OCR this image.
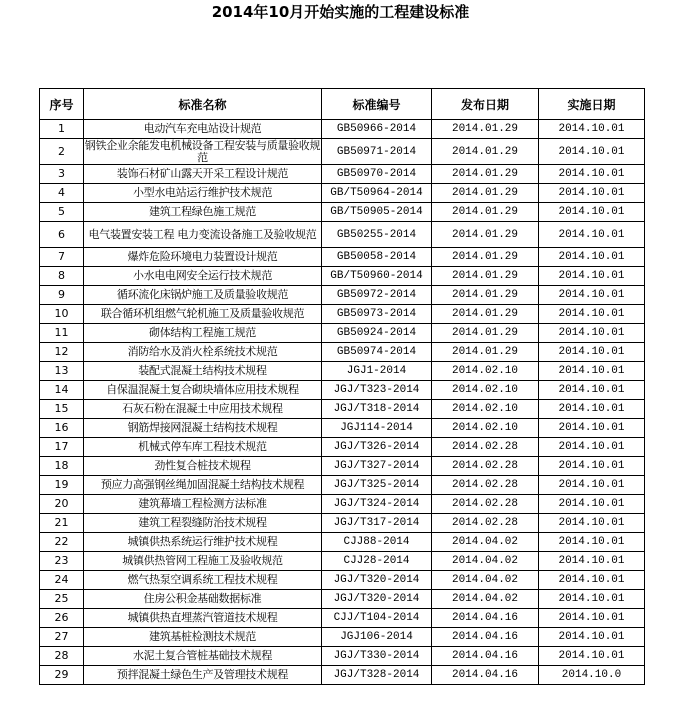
2014年10月开始实施的工程建设标准
序号	标准名称	标准编号	发布日期	实施日期
1	电动汽车充电站设计规范	GB50966-2014	2014.01.29	2014.10.01
2	钢铁企业余能发电机械设备工程安装与质量验收规范	GB50971-2014	2014.01.29	2014.10.01
3	装饰石材矿山露天开采工程设计规范	GB50970-2014	2014.01.29	2014.10.01
4	小型水电站运行维护技术规范	GB/T50964-2014	2014.01.29	2014.10.01
5	建筑工程绿色施工规范	GB/T50905-2014	2014.01.29	2014.10.01
6	电气装置安装工程 电力变流设备施工及验收规范	GB50255-2014	2014.01.29	2014.10.01
7	爆炸危险环境电力装置设计规范	GB50058-2014	2014.01.29	2014.10.01
8	小水电电网安全运行技术规范	GB/T50960-2014	2014.01.29	2014.10.01
9	循环流化床锅炉施工及质量验收规范	GB50972-2014	2014.01.29	2014.10.01
10	联合循环机组燃气轮机施工及质量验收规范	GB50973-2014	2014.01.29	2014.10.01
11	砌体结构工程施工规范	GB50924-2014	2014.01.29	2014.10.01
12	消防给水及消火栓系统技术规范	GB50974-2014	2014.01.29	2014.10.01
13	装配式混凝土结构技术规程	JGJ1-2014	2014.02.10	2014.10.01
14	自保温混凝土复合砌块墙体应用技术规程	JGJ/T323-2014	2014.02.10	2014.10.01
15	石灰石粉在混凝土中应用技术规程	JGJ/T318-2014	2014.02.10	2014.10.01
16	钢筋焊接网混凝土结构技术规程	JGJ114-2014	2014.02.10	2014.10.01
17	机械式停车库工程技术规范	JGJ/T326-2014	2014.02.28	2014.10.01
18	劲性复合桩技术规程	JGJ/T327-2014	2014.02.28	2014.10.01
19	预应力高强钢丝绳加固混凝土结构技术规程	JGJ/T325-2014	2014.02.28	2014.10.01
20	建筑幕墙工程检测方法标准	JGJ/T324-2014	2014.02.28	2014.10.01
21	建筑工程裂缝防治技术规程	JGJ/T317-2014	2014.02.28	2014.10.01
22	城镇供热系统运行维护技术规程	CJJ88-2014	2014.04.02	2014.10.01
23	城镇供热管网工程施工及验收规范	CJJ28-2014	2014.04.02	2014.10.01
24	燃气热泵空调系统工程技术规程	JGJ/T320-2014	2014.04.02	2014.10.01
25	住房公积金基础数据标准	JGJ/T320-2014	2014.04.02	2014.10.01
26	城镇供热直埋蒸汽管道技术规程	CJJ/T104-2014	2014.04.16	2014.10.01
27	建筑基桩检测技术规范	JGJ106-2014	2014.04.16	2014.10.01
28	水泥土复合管桩基础技术规程	JGJ/T330-2014	2014.04.16	2014.10.01
29	预拌混凝土绿色生产及管理技术规程	JGJ/T328-2014	2014.04.16	2014.10.0
